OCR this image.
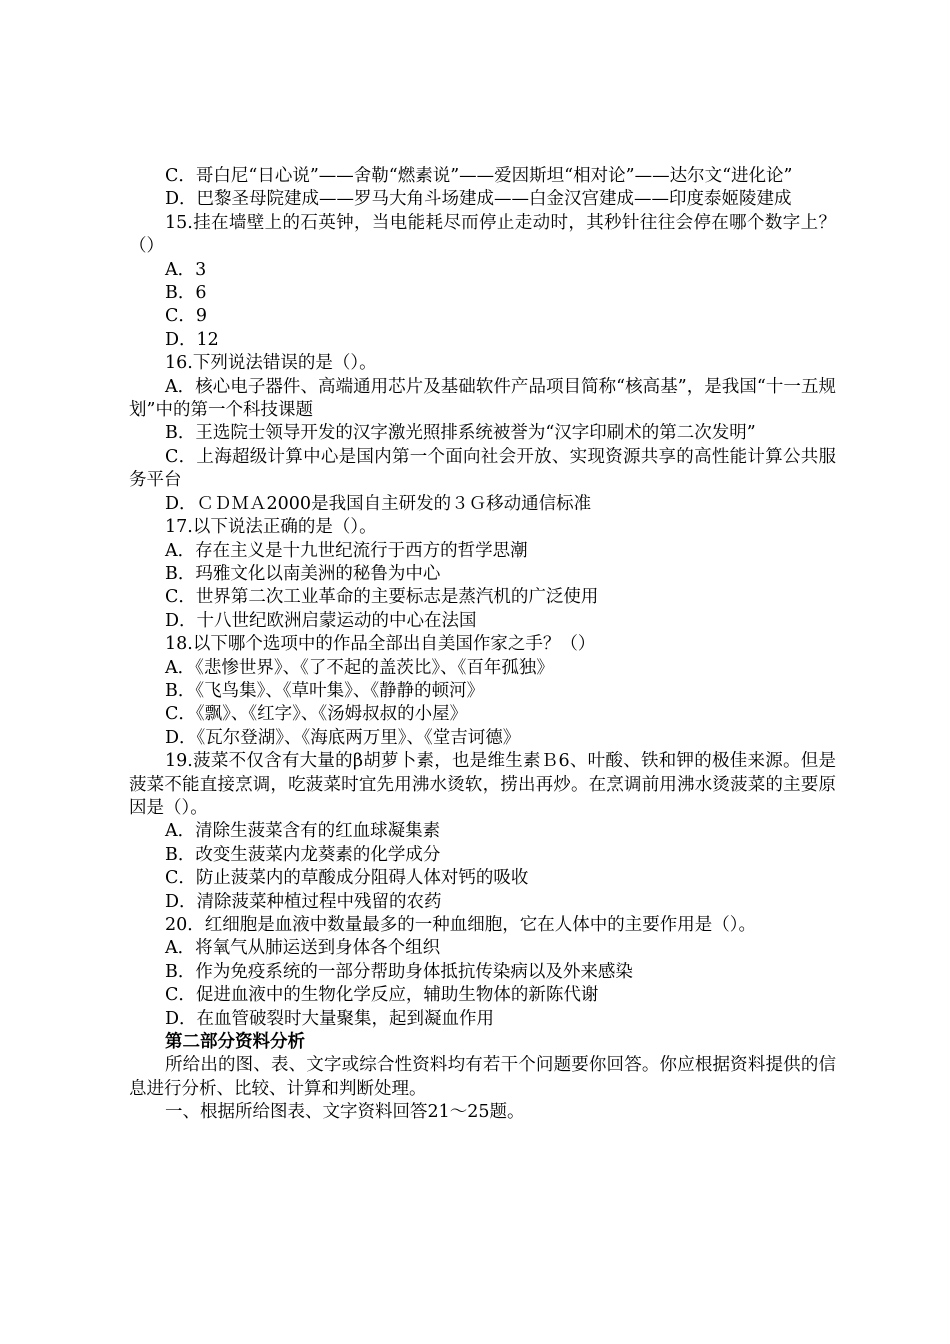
C．哥白尼“日心说”——舍勒“燃素说”——爱因斯坦“相对论”——达尔文“进化论”

D．巴黎圣母院建成——罗马大角斗场建成——白金汉宫建成——印度泰姬陵建成

15.挂在墙壁上的石英钟，当电能耗尽而停止走动时，其秒针往往会停在哪个数字上？（）

A．3

B．6

C．9

D．12

16.下列说法错误的是（）。

A．核心电子器件、高端通用芯片及基础软件产品项目简称“核高基”，是我国“十一五规划”中的第一个科技课题

B．王选院士领导开发的汉字激光照排系统被誉为“汉字印刷术的第二次发明”

C．上海超级计算中心是国内第一个面向社会开放、实现资源共享的高性能计算公共服务平台

D．ＣＤＭＡ2000是我国自主研发的３Ｇ移动通信标准

17.以下说法正确的是（）。

A．存在主义是十九世纪流行于西方的哲学思潮

B．玛雅文化以南美洲的秘鲁为中心

C．世界第二次工业革命的主要标志是蒸汽机的广泛使用

D．十八世纪欧洲启蒙运动的中心在法国

18.以下哪个选项中的作品全部出自美国作家之手？（）

A．《悲惨世界》、《了不起的盖茨比》、《百年孤独》

B．《飞鸟集》、《草叶集》、《静静的顿河》

C．《飘》、《红字》、《汤姆叔叔的小屋》

D．《瓦尔登湖》、《海底两万里》、《堂吉诃德》

19.菠菜不仅含有大量的β胡萝卜素，也是维生素Ｂ6、叶酸、铁和钾的极佳来源。但是菠菜不能直接烹调，吃菠菜时宜先用沸水烫软，捞出再炒。在烹调前用沸水烫菠菜的主要原因是（）。

A．清除生菠菜含有的红血球凝集素

B．改变生菠菜内龙葵素的化学成分

C．防止菠菜内的草酸成分阻碍人体对钙的吸收

D．清除菠菜种植过程中残留的农药

20．红细胞是血液中数量最多的一种血细胞，它在人体中的主要作用是（）。

A．将氧气从肺运送到身体各个组织

B．作为免疫系统的一部分帮助身体抵抗传染病以及外来感染

C．促进血液中的生物化学反应，辅助生物体的新陈代谢

D．在血管破裂时大量聚集，起到凝血作用

第二部分资料分析

所给出的图、表、文字或综合性资料均有若干个问题要你回答。你应根据资料提供的信息进行分析、比较、计算和判断处理。

一、根据所给图表、文字资料回答21～25题。
